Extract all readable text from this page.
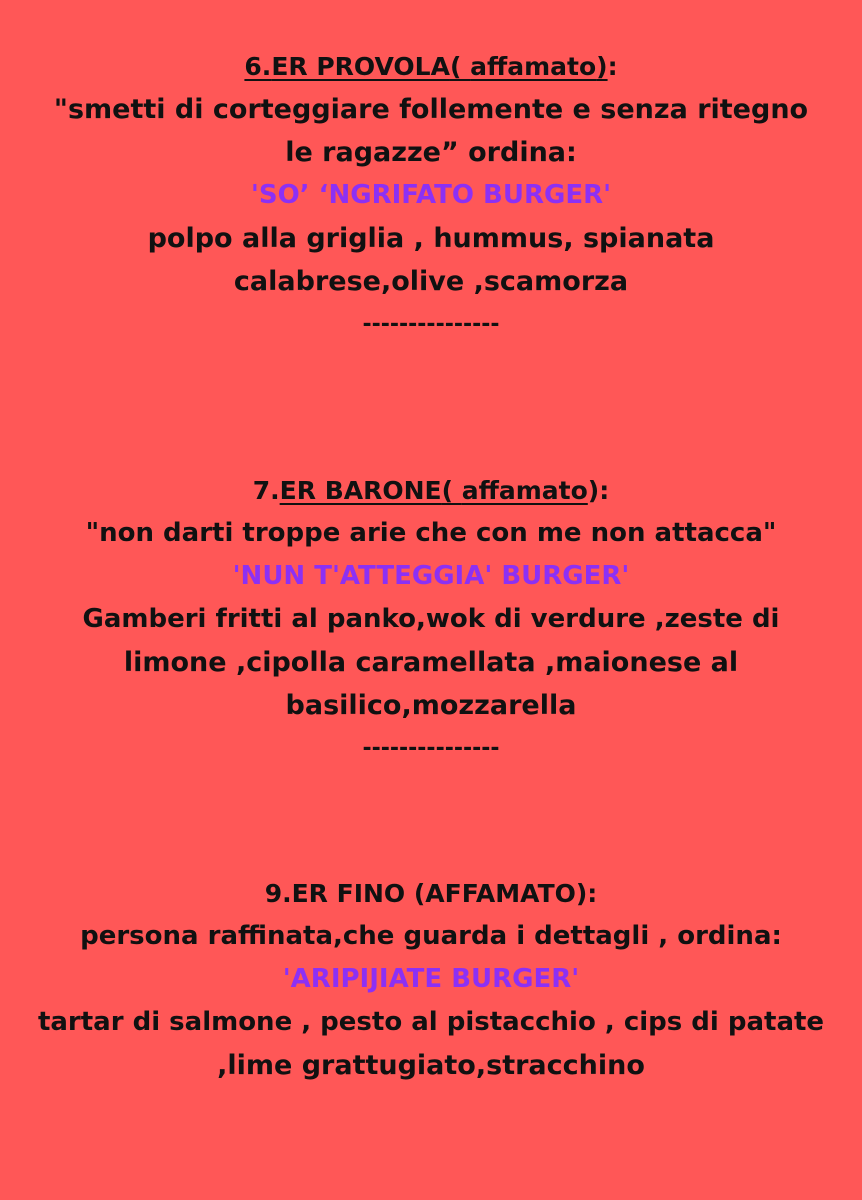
6.ER PROVOLA( affamato):
"smetti di corteggiare follemente e senza ritegno
le ragazze” ordina:
'SO’ ‘NGRIFATO BURGER'
polpo alla griglia , hummus, spianata
calabrese,olive ,scamorza
---------------
7.ER BARONE( affamato):
"non darti troppe arie che con me non attacca"
'NUN T'ATTEGGIA' BURGER'
Gamberi fritti al panko,wok di verdure ,zeste di
limone ,cipolla caramellata ,maionese al
basilico,mozzarella
---------------
9.ER FINO (AFFAMATO):
persona raffinata,che guarda i dettagli , ordina:
'ARIPIJIATE BURGER'
tartar di salmone , pesto al pistacchio , cips di patate
,lime grattugiato,stracchino
